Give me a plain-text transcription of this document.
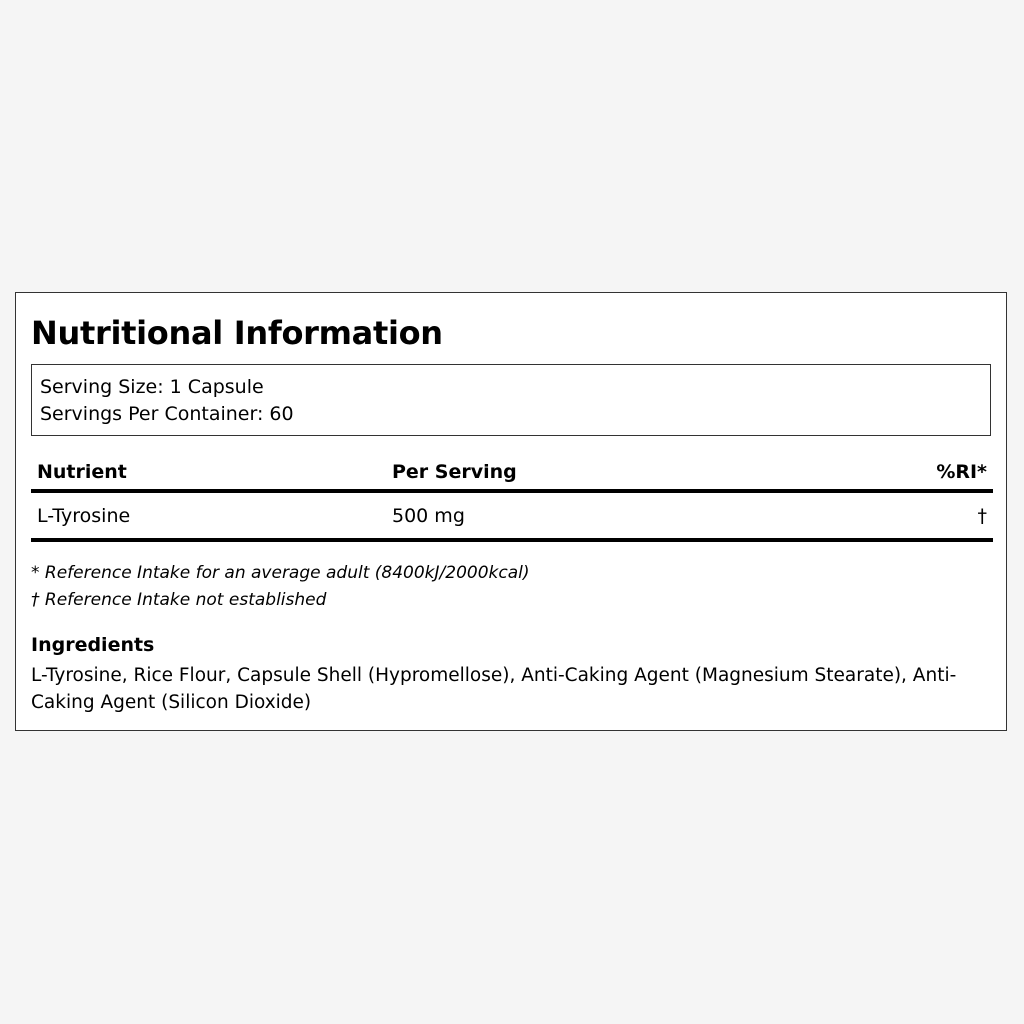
Nutritional Information
Serving Size: 1 Capsule
Servings Per Container: 60
Nutrient	Per Serving	%RI*
L-Tyrosine	500 mg	†
* Reference Intake for an average adult (8400kJ/2000kcal)
† Reference Intake not established
Ingredients
L-Tyrosine, Rice Flour, Capsule Shell (Hypromellose), Anti-Caking Agent (Magnesium Stearate), Anti-Caking Agent (Silicon Dioxide)
